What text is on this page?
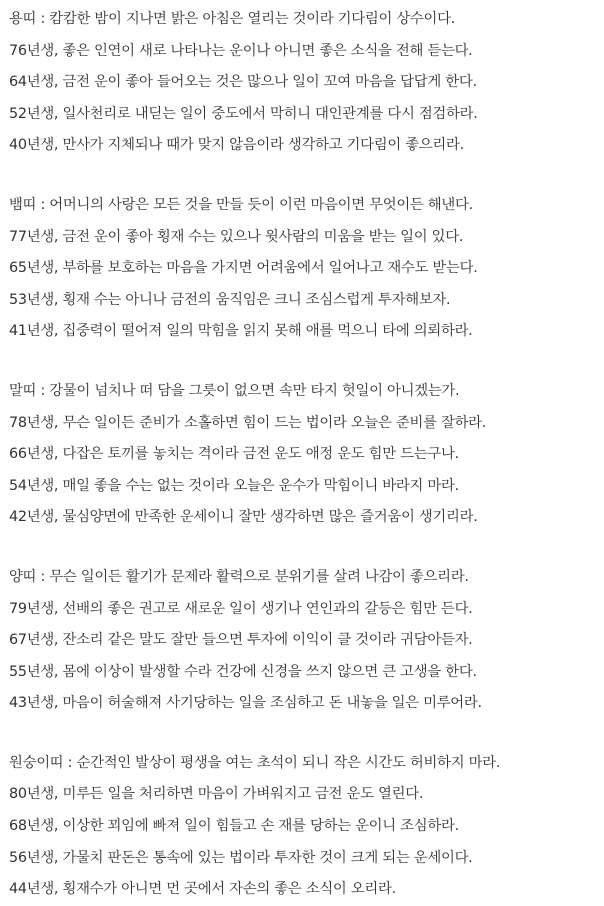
용띠 : 캄캄한 밤이 지나면 밝은 아침은 열리는 것이라 기다림이 상수이다.

76년생, 좋은 인연이 새로 나타나는 운이나 아니면 좋은 소식을 전해 듣는다.

64년생, 금전 운이 좋아 들어오는 것은 많으나 일이 꼬여 마음을 답답게 한다.

52년생, 일사천리로 내딛는 일이 중도에서 막히니 대인관계를 다시 점검하라.

40년생, 만사가 지체되나 때가 맞지 않음이라 생각하고 기다림이 좋으리라.

뱀띠 : 어머니의 사랑은 모든 것을 만들 듯이 이런 마음이면 무엇이든 해낸다.

77년생, 금전 운이 좋아 횡재 수는 있으나 윗사람의 미움을 받는 일이 있다.

65년생, 부하를 보호하는 마음을 가지면 어려움에서 일어나고 재수도 받는다.

53년생, 횡재 수는 아니나 금전의 움직임은 크니 조심스럽게 투자해보자.

41년생, 집중력이 떨어져 일의 막힘을 읽지 못해 애를 먹으니 타에 의뢰하라.

말띠 : 강물이 넘치나 떠 담을 그릇이 없으면 속만 타지 헛일이 아니겠는가.

78년생, 무슨 일이든 준비가 소홀하면 힘이 드는 법이라 오늘은 준비를 잘하라.

66년생, 다잡은 토끼를 놓치는 격이라 금전 운도 애정 운도 힘만 드는구나.

54년생, 매일 좋을 수는 없는 것이라 오늘은 운수가 막힘이니 바라지 마라.

42년생, 물심양면에 만족한 운세이니 잘만 생각하면 많은 즐거움이 생기리라.

양띠 : 무슨 일이든 활기가 문제라 활력으로 분위기를 살려 나감이 좋으리라.

79년생, 선배의 좋은 권고로 새로운 일이 생기나 연인과의 갈등은 힘만 든다.

67년생, 잔소리 같은 말도 잘만 들으면 투자에 이익이 클 것이라 귀담아듣자.

55년생, 몸에 이상이 발생할 수라 건강에 신경을 쓰지 않으면 큰 고생을 한다.

43년생, 마음이 허술해져 사기당하는 일을 조심하고 돈 내놓을 일은 미루어라.

원숭이띠 : 순간적인 발상이 평생을 여는 초석이 되니 작은 시간도 허비하지 마라.

80년생, 미루든 일을 처리하면 마음이 가벼워지고 금전 운도 열린다.

68년생, 이상한 꾀임에 빠져 일이 힘들고 손 재를 당하는 운이니 조심하라.

56년생, 가물치 판돈은 통속에 있는 법이라 투자한 것이 크게 되는 운세이다.

44년생, 횡재수가 아니면 먼 곳에서 자손의 좋은 소식이 오리라.
